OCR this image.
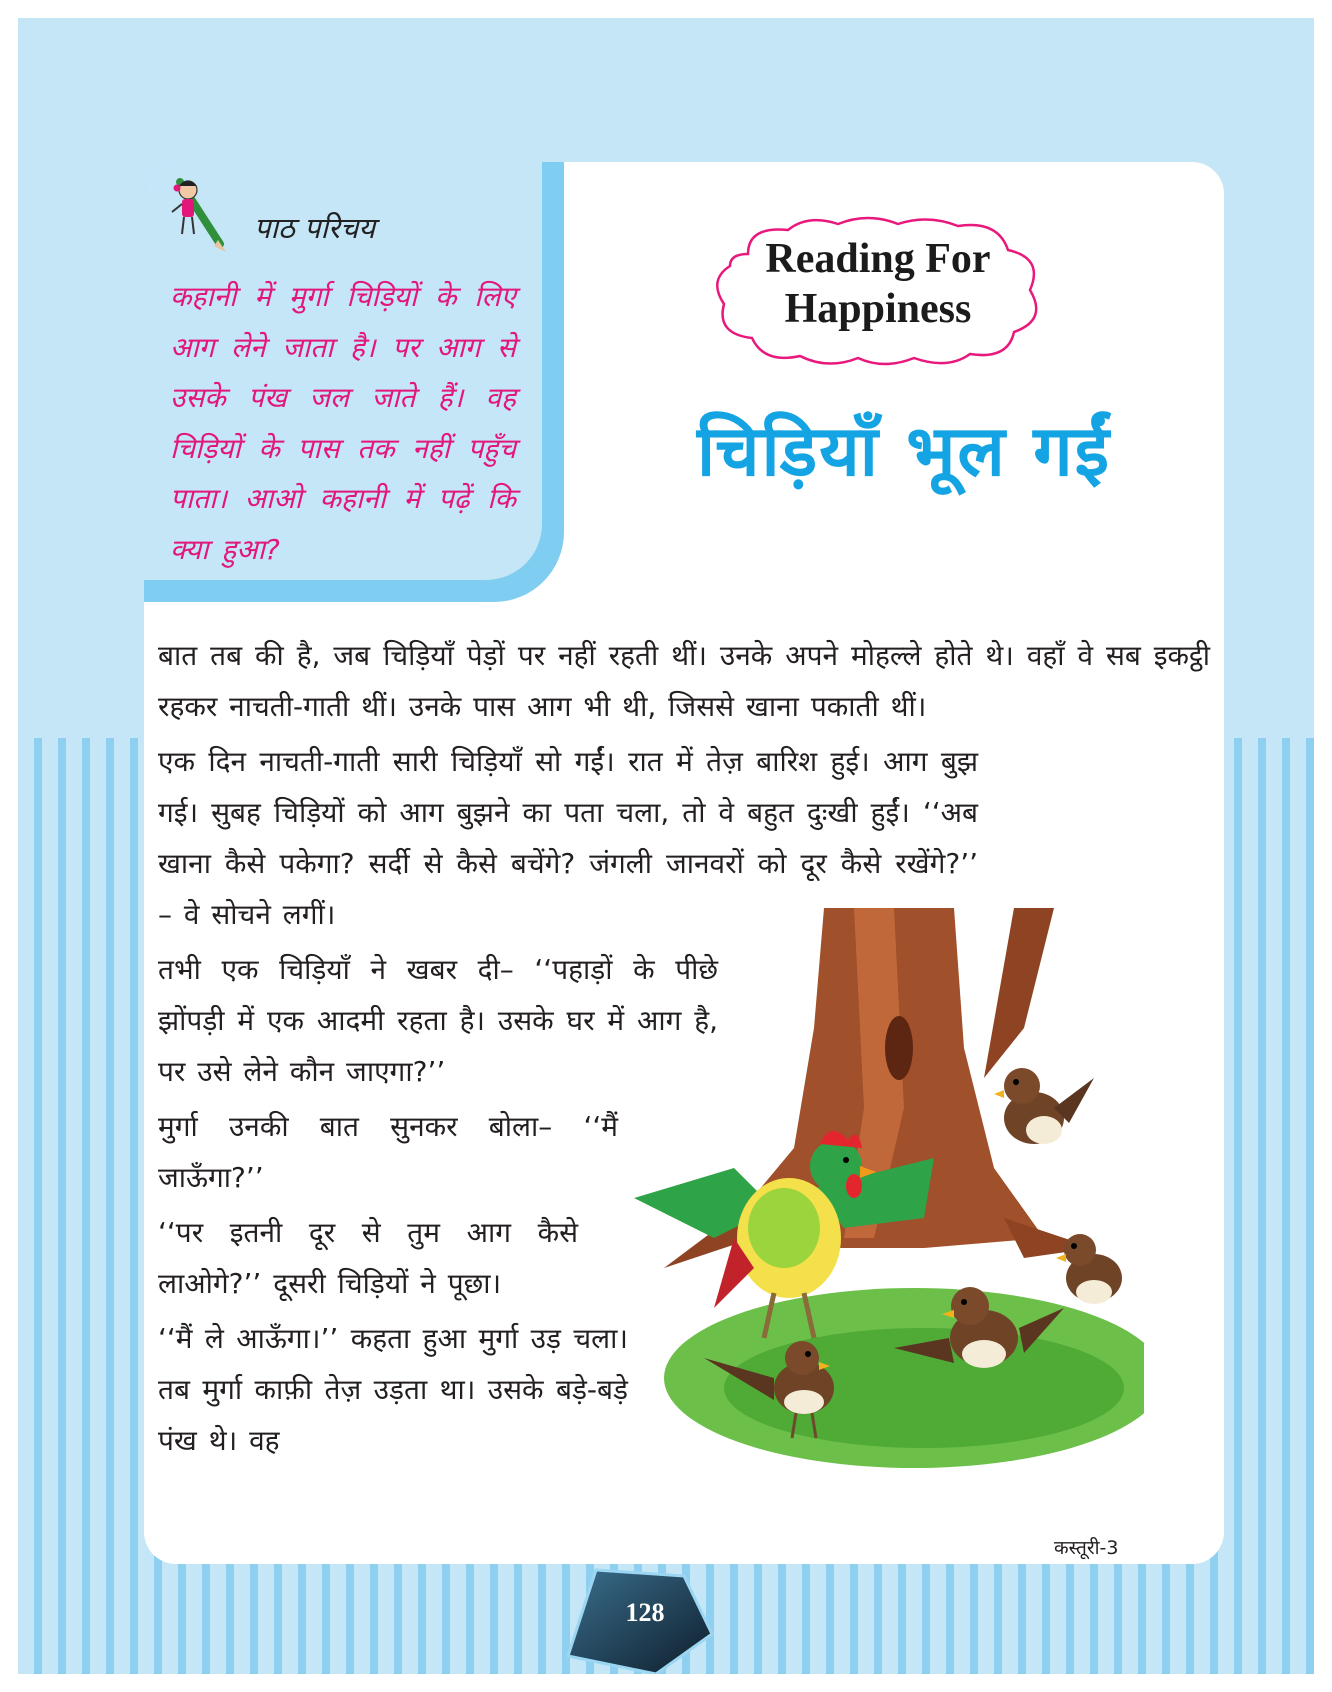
पाठ परिचय
कहानी में मुर्गा चिड़ियों के लिए आग लेने जाता है। पर आग से उसके पंख जल जाते हैं। वह चिड़ियों के पास तक नहीं पहुँच पाता। आओ कहानी में पढ़ें कि क्या हुआ?
Reading For
Happiness
चिड़ियाँ भूल गईं

बात तब की है, जब चिड़ियाँ पेड़ों पर नहीं रहती थीं। उनके अपने मोहल्ले होते थे। वहाँ वे सब इकट्ठी रहकर नाचती-गाती थीं। उनके पास आग भी थी, जिससे खाना पकाती थीं।

एक दिन नाचती-गाती सारी चिड़ियाँ सो गईं। रात में तेज़ बारिश हुई। आग बुझ गई। सुबह चिड़ियों को आग बुझने का पता चला, तो वे बहुत दुःखी हुईं। ‘‘अब खाना कैसे पकेगा? सर्दी से कैसे बचेंगे? जंगली जानवरों को दूर कैसे रखेंगे?’’ – वे सोचने लगीं।

तभी एक चिड़ियाँ ने खबर दी– ‘‘पहाड़ों के पीछे झोंपड़ी में एक आदमी रहता है। उसके घर में आग है, पर उसे लेने कौन जाएगा?’’

मुर्गा उनकी बात सुनकर बोला– ‘‘मैं जाऊँगा?’’

‘‘पर इतनी दूर से तुम आग कैसे लाओगे?’’ दूसरी चिड़ियों ने पूछा।

‘‘मैं ले आऊँगा।’’ कहता हुआ मुर्गा उड़ चला। तब मुर्गा काफ़ी तेज़ उड़ता था। उसके बड़े-बड़े पंख थे। वह

128
कस्तूरी-3
